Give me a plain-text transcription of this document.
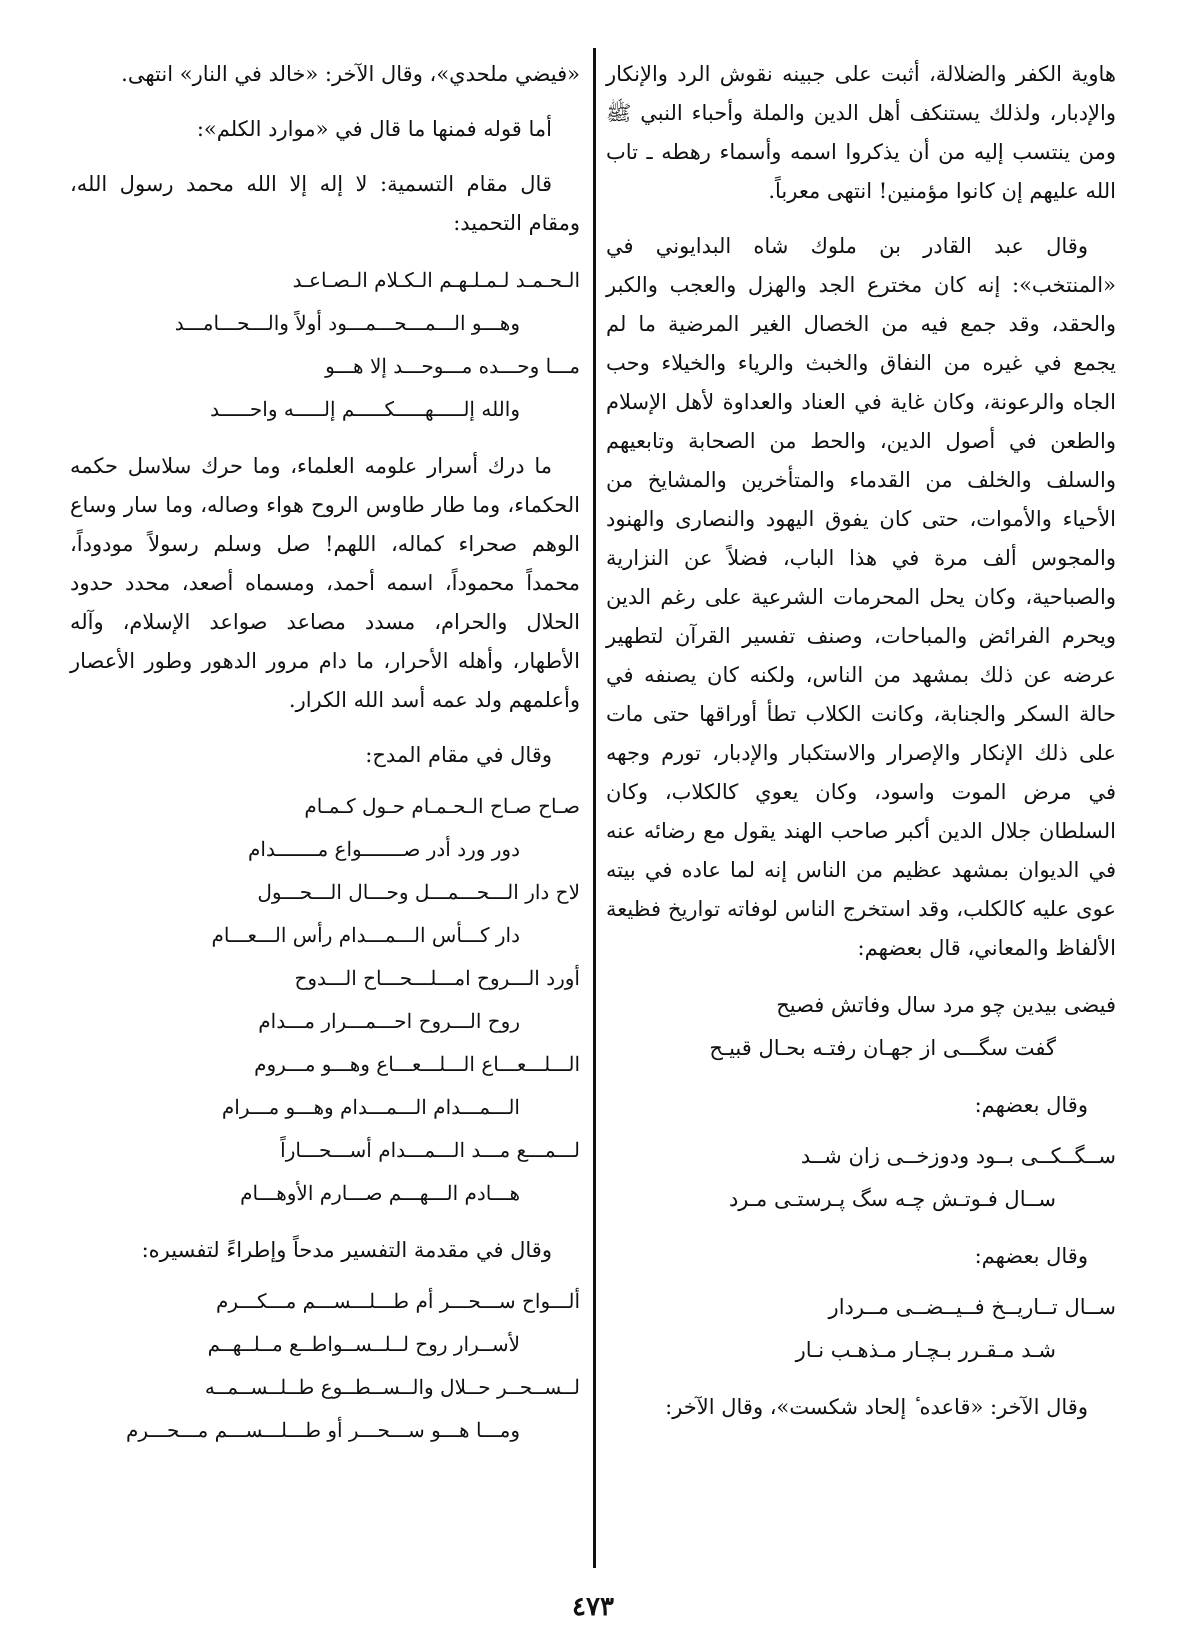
هاوية الكفر والضلالة، أثبت على جبينه نقوش الرد والإنكار والإدبار، ولذلك يستنكف أهل الدين والملة وأحباء النبي ﷺ ومن ينتسب إليه من أن يذكروا اسمه وأسماء رهطه ـ تاب الله عليهم إن كانوا مؤمنين! انتهى معرباً.

وقال عبد القادر بن ملوك شاه البدايوني في «المنتخب»: إنه كان مخترع الجد والهزل والعجب والكبر والحقد، وقد جمع فيه من الخصال الغير المرضية ما لم يجمع في غيره من النفاق والخبث والرياء والخيلاء وحب الجاه والرعونة، وكان غاية في العناد والعداوة لأهل الإسلام والطعن في أصول الدين، والحط من الصحابة وتابعيهم والسلف والخلف من القدماء والمتأخرين والمشايخ من الأحياء والأموات، حتى كان يفوق اليهود والنصارى والهنود والمجوس ألف مرة في هذا الباب، فضلاً عن النزارية والصباحية، وكان يحل المحرمات الشرعية على رغم الدين ويحرم الفرائض والمباحات، وصنف تفسير القرآن لتطهير عرضه عن ذلك بمشهد من الناس، ولكنه كان يصنفه في حالة السكر والجنابة، وكانت الكلاب تطأ أوراقها حتى مات على ذلك الإنكار والإصرار والاستكبار والإدبار، تورم وجهه في مرض الموت واسود، وكان يعوي كالكلاب، وكان السلطان جلال الدين أكبر صاحب الهند يقول مع رضائه عنه في الديوان بمشهد عظيم من الناس إنه لما عاده في بيته عوى عليه كالكلب، وقد استخرج الناس لوفاته تواريخ فظيعة الألفاظ والمعاني، قال بعضهم:

فيضى بيدين چو مرد سال وفاتش فصيح
گفت سگـــى از جهـان رفتـه بحـال قبيـح
وقال بعضهم:
ســگــكــى بــود ودوزخــى زان شــد
ســال فـوتـش چـه سگ پـرستـى مـرد
وقال بعضهم:
ســال تــاريــخ فــيــضــى مــردار
شـد مـقـرر بـچـار مـذهـب نـار

وقال الآخر: «قاعده ٔ إلحاد شكست»، وقال الآخر:

«فيضي ملحدي»، وقال الآخر: «خالد في النار» انتهى.

أما قوله فمنها ما قال في «موارد الكلم»:

قال مقام التسمية: لا إله إلا الله محمد رسول الله، ومقام التحميد:

الـحـمـد لـمـلـهـم الـكـلام الـصـاعـد
وهـــو الـــمـــحـــمـــود أولاً والـــحـــامـــد
مـــا وحـــده مـــوحـــد إلا هـــو
والله إلـــــهـــــكـــــم إلـــــه واحـــــد

ما درك أسرار علومه العلماء، وما حرك سلاسل حكمه الحكماء، وما طار طاوس الروح هواء وصاله، وما سار وساع الوهم صحراء كماله، اللهم! صل وسلم رسولاً مودوداً، محمداً محموداً، اسمه أحمد، ومسماه أصعد، محدد حدود الحلال والحرام، مسدد مصاعد صواعد الإسلام، وآله الأطهار، وأهله الأحرار، ما دام مرور الدهور وطور الأعصار وأعلمهم ولد عمه أسد الله الكرار.

وقال في مقام المدح:
صـاح صـاح الـحـمـام حـول كـمـام
دور ورد أدر صـــــــواع مـــــــدام
لاح دار الـــحـــمـــل وحـــال الـــحـــول
دار كـــأس الـــمـــدام رأس الـــعـــام
أورد الـــروح امـــلـــحـــاح الـــدوح
روح الـــروح احـــمـــرار مـــدام
الـــلـــعـــاع الـــلـــعـــاع وهـــو مـــروم
الـــمـــدام الـــمـــدام وهـــو مـــرام
لـــمـــع مـــد الـــمـــدام أســـحـــاراً
هـــادم الـــهـــم صـــارم الأوهـــام
وقال في مقدمة التفسير مدحاً وإطراءً لتفسيره:
ألـــواح ســـحـــر أم طـــلـــســـم مـــكـــرم
لأســرار روح لــلــســواطــع مــلــهــم
لــســحــر حــلال والــســطــوع طــلــســمــه
ومـــا هـــو ســـحـــر أو طـــلـــســـم مـــحـــرم
٤٧٣
